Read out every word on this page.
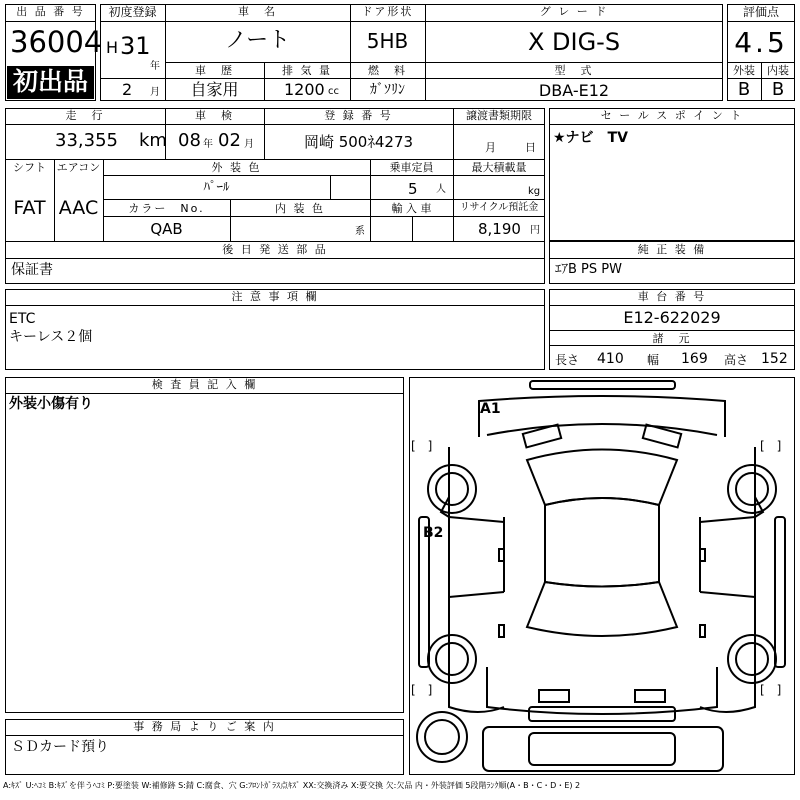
出 品 番 号
36004
初出品
初度登録
H 31
年
2 月
車　名
ノート
車　歴
自家用
排 気 量
1200 cc
ドア形状
5HB
燃　料
ｶﾞｿﾘﾝ
グ レ ー ド
X DIG-S
型　式
DBA-E12
評価点
4.5
外装	内装
B	B
走　行
33,355 km
車　検
08 年 02 月
登 録 番 号
岡崎 500ﾈ4273
譲渡書類期限
月	日
シフト
FAT
エアコン
AAC
外 装 色
ﾊﾟｰﾙ
乗車定員
5 人
最大積載量
kg
カラー　No.
QAB
内 装 色
系
輸 入 車	リサイクル預託金
8,190 円
後 日 発 送 部 品
保証書
セ ー ル ス ポ イ ン ト
★ナビ　TV
純 正 装 備
ｴｱB PS PW
注 意 事 項 欄
ETC
キーレス２個
車 台 番 号
E12-622029
諸　元
長さ 410 幅 169 高さ 152
検 査 員 記 入 欄
外装小傷有り
事 務 局 よ り ご 案 内
ＳＤカード預り
A1
B2
[　]	[　]
[　]	[　]
A:ｷｽﾞ U:ﾍｺﾐ B:ｷｽﾞを伴うﾍｺﾐ P:要塗装 W:補修跡 S:錆 C:腐食、穴 G:ﾌﾛﾝﾄｶﾞﾗｽ点ｷｽﾞ XX:交換済み X:要交換 欠:欠品 内・外装評価 5段階ﾗﾝｸ順(A・B・C・D・E) 2
